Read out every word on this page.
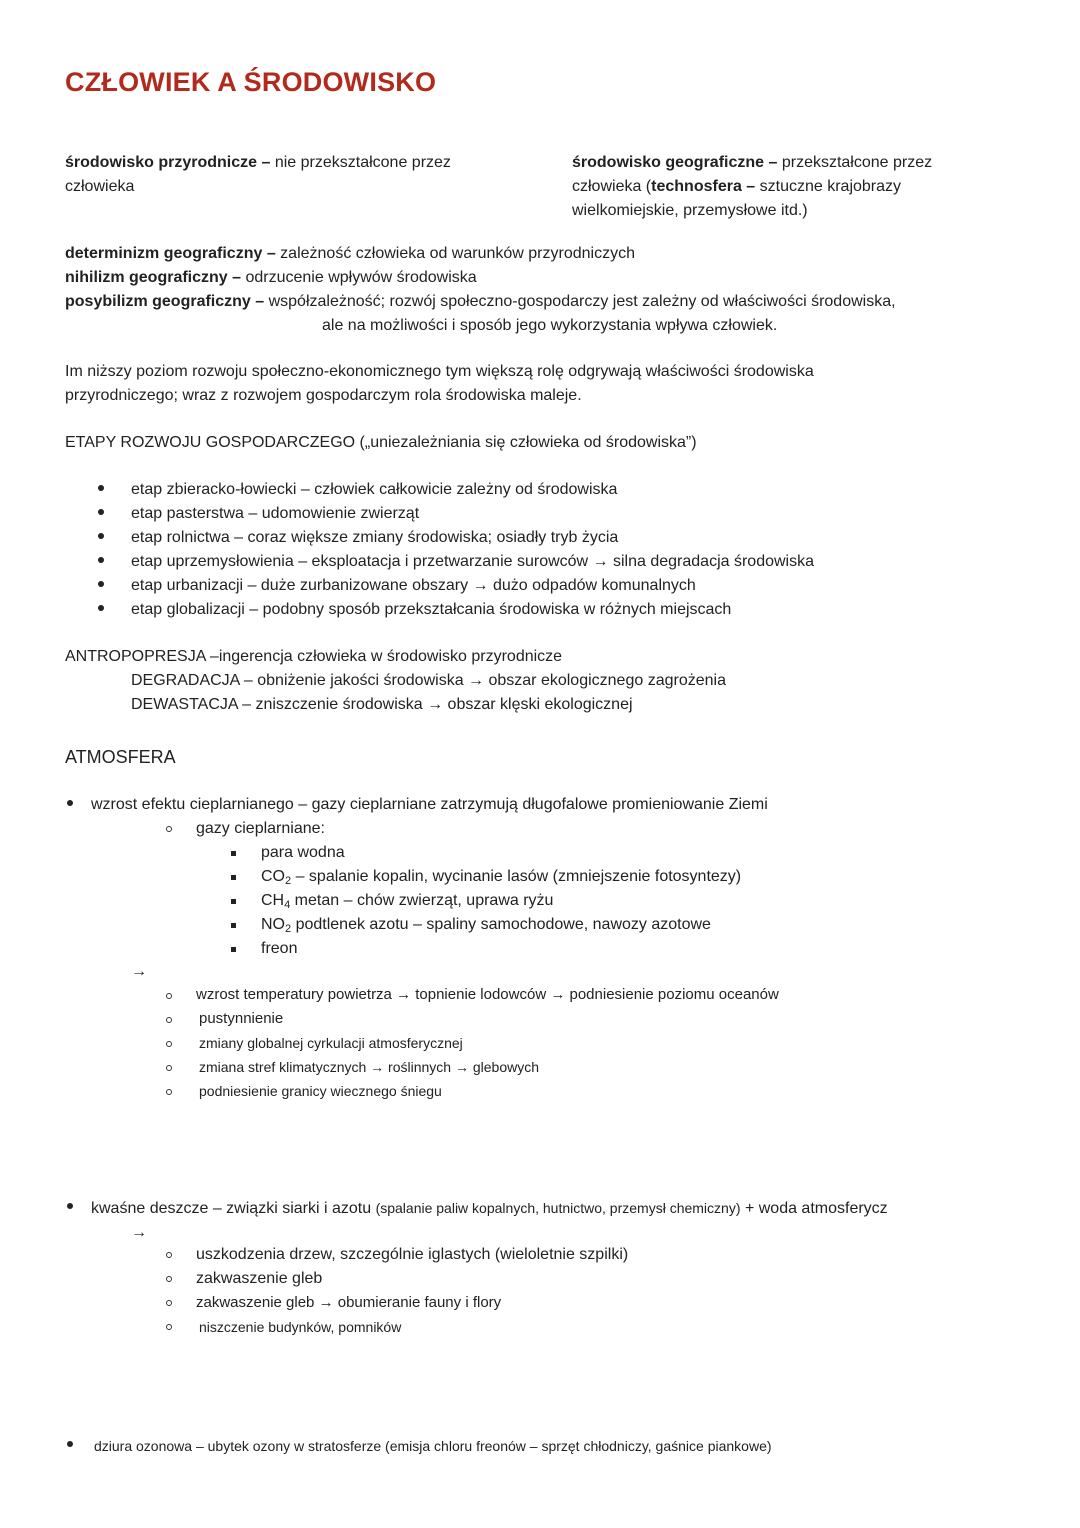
CZŁOWIEK A ŚRODOWISKO
środowisko przyrodnicze – nie przekształcone przez
człowieka
środowisko geograficzne – przekształcone przez
człowieka (technosfera – sztuczne krajobrazy
wielkomiejskie, przemysłowe itd.)
determinizm geograficzny – zależność człowieka od warunków przyrodniczych
nihilizm geograficzny – odrzucenie wpływów środowiska
posybilizm geograficzny – współzależność; rozwój społeczno-gospodarczy jest zależny od właściwości środowiska,
ale na możliwości i sposób jego wykorzystania wpływa człowiek.
Im niższy poziom rozwoju społeczno-ekonomicznego tym większą rolę odgrywają właściwości środowiska
przyrodniczego; wraz z rozwojem gospodarczym rola środowiska maleje.
ETAPY ROZWOJU GOSPODARCZEGO („uniezależniania się człowieka od środowiska”)
etap zbieracko-łowiecki – człowiek całkowicie zależny od środowiska
etap pasterstwa – udomowienie zwierząt
etap rolnictwa – coraz większe zmiany środowiska; osiadły tryb życia
etap uprzemysłowienia – eksploatacja i przetwarzanie surowców → silna degradacja środowiska
etap urbanizacji – duże zurbanizowane obszary → dużo odpadów komunalnych
etap globalizacji – podobny sposób przekształcania środowiska w różnych miejscach
ANTROPOPRESJA –ingerencja człowieka w środowisko przyrodnicze
DEGRADACJA – obniżenie jakości środowiska → obszar ekologicznego zagrożenia
DEWASTACJA – zniszczenie środowiska → obszar klęski ekologicznej
ATMOSFERA
wzrost efektu cieplarnianego – gazy cieplarniane zatrzymują długofalowe promieniowanie Ziemi
gazy cieplarniane:
para wodna
CO2 – spalanie kopalin, wycinanie lasów (zmniejszenie fotosyntezy)
CH4 metan – chów zwierząt, uprawa ryżu
NO2 podtlenek azotu – spaliny samochodowe, nawozy azotowe
freon
→
wzrost temperatury powietrza → topnienie lodowców → podniesienie poziomu oceanów
pustynnienie
zmiany globalnej cyrkulacji atmosferycznej
zmiana stref klimatycznych → roślinnych → glebowych
podniesienie granicy wiecznego śniegu
kwaśne deszcze – związki siarki i azotu (spalanie paliw kopalnych, hutnictwo, przemysł chemiczny) + woda atmosferycz
→
uszkodzenia drzew, szczególnie iglastych (wieloletnie szpilki)
zakwaszenie gleb
zakwaszenie gleb → obumieranie fauny i flory
niszczenie budynków, pomników
dziura ozonowa – ubytek ozony w stratosferze (emisja chloru freonów – sprzęt chłodniczy, gaśnice piankowe)
